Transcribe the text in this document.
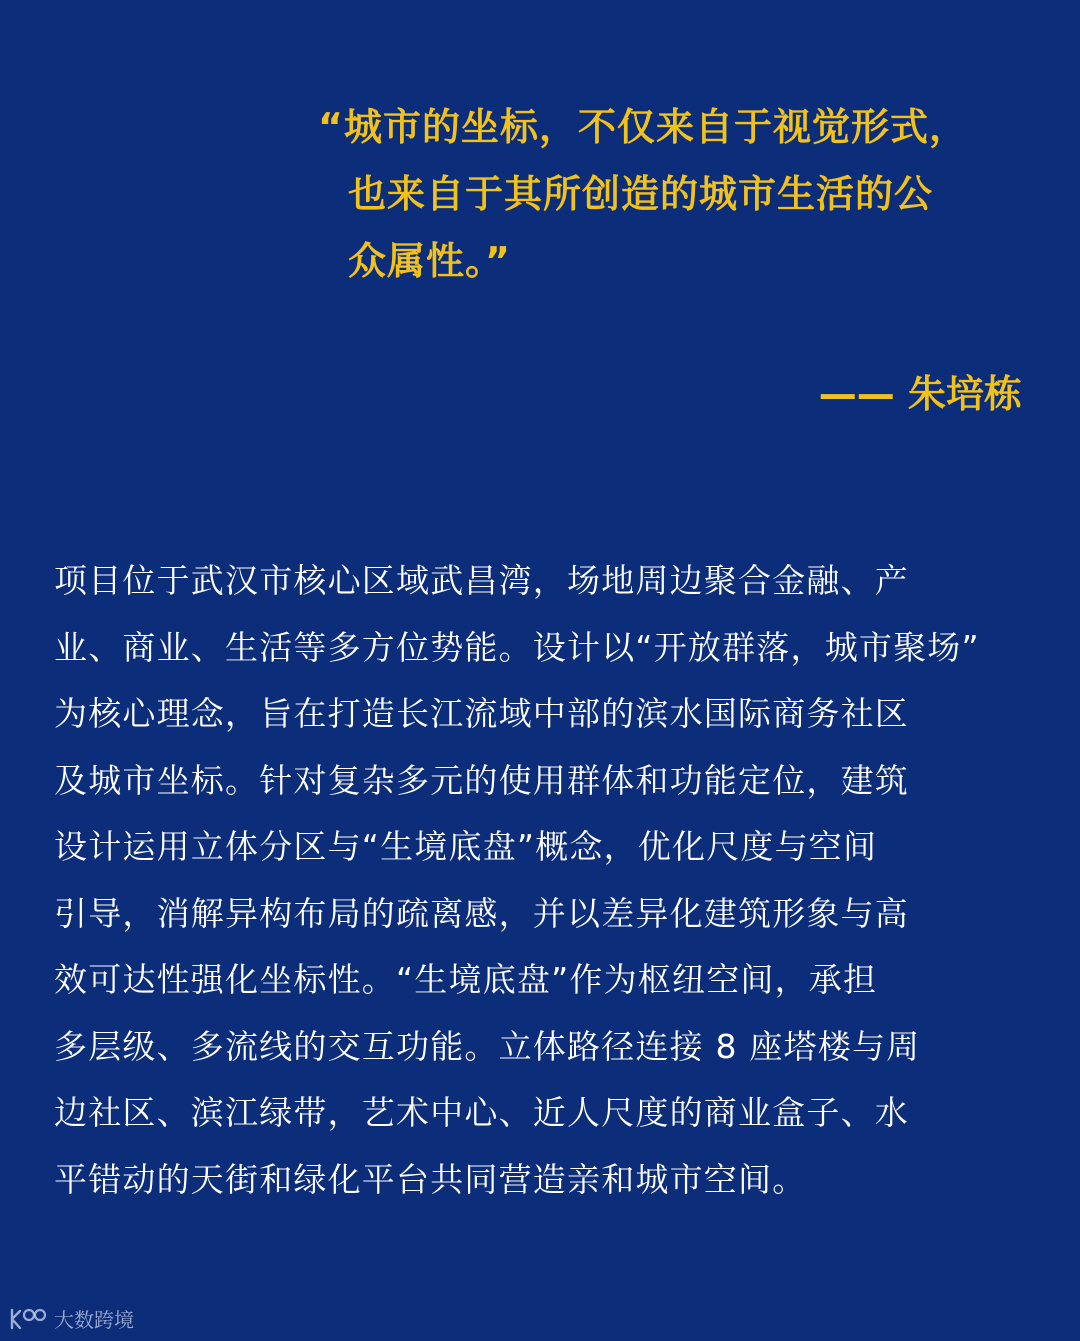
“城市的坐标，不仅来自于视觉形式，
也来自于其所创造的城市生活的公
众属性。”
—— 朱培栋
项目位于武汉市核心区域武昌湾，场地周边聚合金融、产
业、商业、生活等多方位势能。设计以“开放群落，城市聚场”
为核心理念，旨在打造长江流域中部的滨水国际商务社区
及城市坐标。针对复杂多元的使用群体和功能定位，建筑
设计运用立体分区与“生境底盘”概念，优化尺度与空间
引导，消解异构布局的疏离感，并以差异化建筑形象与高
效可达性强化坐标性。“生境底盘”作为枢纽空间，承担
多层级、多流线的交互功能。立体路径连接 8 座塔楼与周
边社区、滨江绿带，艺术中心、近人尺度的商业盒子、水
平错动的天街和绿化平台共同营造亲和城市空间。
大数跨境
